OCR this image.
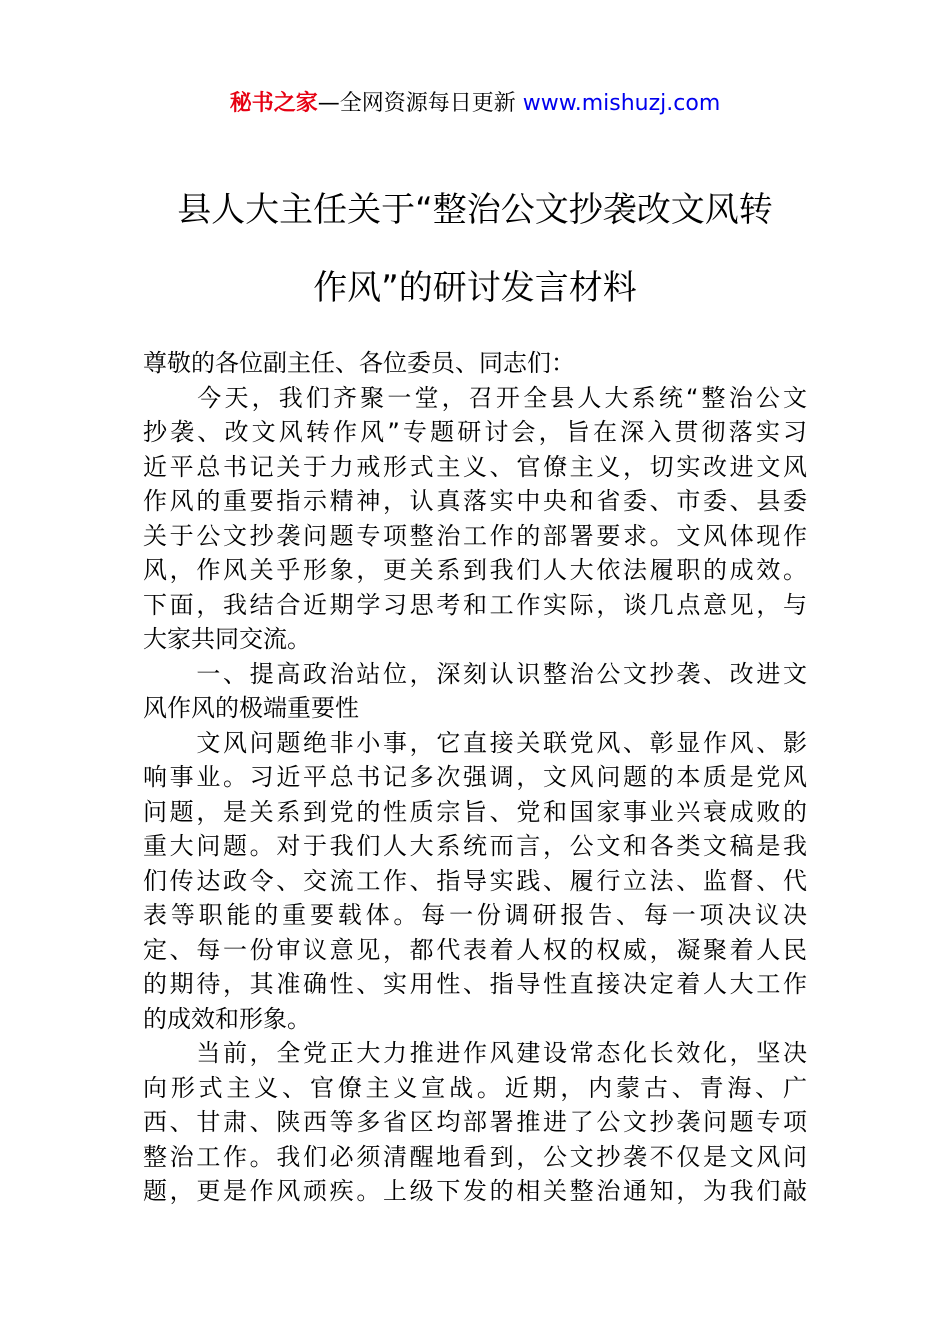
秘书之家—全网资源每日更新 www.mishuzj.com
县人大主任关于“整治公文抄袭改文风转
作风”的研讨发言材料
尊敬的各位副主任、各位委员、同志们：
　　今天，我们齐聚一堂，召开全县人大系统“整治公文
抄袭、改文风转作风”专题研讨会，旨在深入贯彻落实习
近平总书记关于力戒形式主义、官僚主义，切实改进文风
作风的重要指示精神，认真落实中央和省委、市委、县委
关于公文抄袭问题专项整治工作的部署要求。文风体现作
风，作风关乎形象，更关系到我们人大依法履职的成效。
下面，我结合近期学习思考和工作实际，谈几点意见，与
大家共同交流。
　　一、提高政治站位，深刻认识整治公文抄袭、改进文
风作风的极端重要性
　　文风问题绝非小事，它直接关联党风、彰显作风、影
响事业。习近平总书记多次强调，文风问题的本质是党风
问题，是关系到党的性质宗旨、党和国家事业兴衰成败的
重大问题。对于我们人大系统而言，公文和各类文稿是我
们传达政令、交流工作、指导实践、履行立法、监督、代
表等职能的重要载体。每一份调研报告、每一项决议决
定、每一份审议意见，都代表着人权的权威，凝聚着人民
的期待，其准确性、实用性、指导性直接决定着人大工作
的成效和形象。
　　当前，全党正大力推进作风建设常态化长效化，坚决
向形式主义、官僚主义宣战。近期，内蒙古、青海、广
西、甘肃、陕西等多省区均部署推进了公文抄袭问题专项
整治工作。我们必须清醒地看到，公文抄袭不仅是文风问
题，更是作风顽疾。上级下发的相关整治通知，为我们敲
